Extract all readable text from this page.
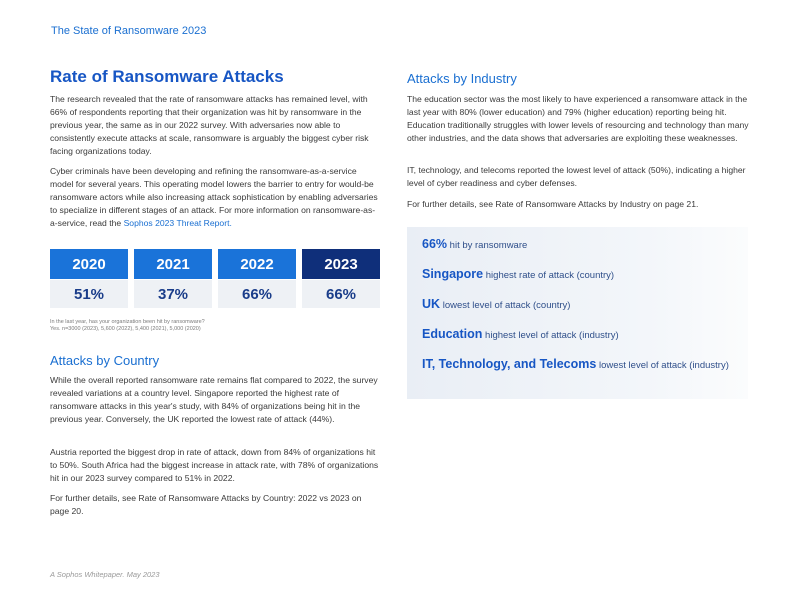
The State of Ransomware 2023
Rate of Ransomware Attacks

The research revealed that the rate of ransomware attacks has remained level, with 66% of respondents reporting that their organization was hit by ransomware in the previous year, the same as in our 2022 survey. With adversaries now able to consistently execute attacks at scale, ransomware is arguably the biggest cyber risk facing organizations today.

Cyber criminals have been developing and refining the ransomware-as-a-service model for several years. This operating model lowers the barrier to entry for would-be ransomware actors while also increasing attack sophistication by enabling adversaries to specialize in different stages of an attack. For more information on ransomware-as-a-service, read the Sophos 2023 Threat Report.

2020	2021	2022	2023
51%	37%	66%	66%
In the last year, has your organization been hit by ransomware?
Yes. n=3000 (2023), 5,600 (2022), 5,400 (2021), 5,000 (2020)
Attacks by Country

While the overall reported ransomware rate remains flat compared to 2022, the survey revealed variations at a country level. Singapore reported the highest rate of ransomware attacks in this year's study, with 84% of organizations being hit in the previous year. Conversely, the UK reported the lowest rate of attack (44%).

Austria reported the biggest drop in rate of attack, down from 84% of organizations hit to 50%. South Africa had the biggest increase in attack rate, with 78% of organizations hit in our 2023 survey compared to 51% in 2022.

For further details, see Rate of Ransomware Attacks by Country: 2022 vs 2023 on page 20.

Attacks by Industry

The education sector was the most likely to have experienced a ransomware attack in the last year with 80% (lower education) and 79% (higher education) reporting being hit. Education traditionally struggles with lower levels of resourcing and technology than many other industries, and the data shows that adversaries are exploiting these weaknesses.

IT, technology, and telecoms reported the lowest level of attack (50%), indicating a higher level of cyber readiness and cyber defenses.

For further details, see Rate of Ransomware Attacks by Industry on page 21.

66% hit by ransomware
Singapore highest rate of attack (country)
UK lowest level of attack (country)
Education highest level of attack (industry)
IT, Technology, and Telecoms lowest level of attack (industry)
A Sophos Whitepaper. May 2023
